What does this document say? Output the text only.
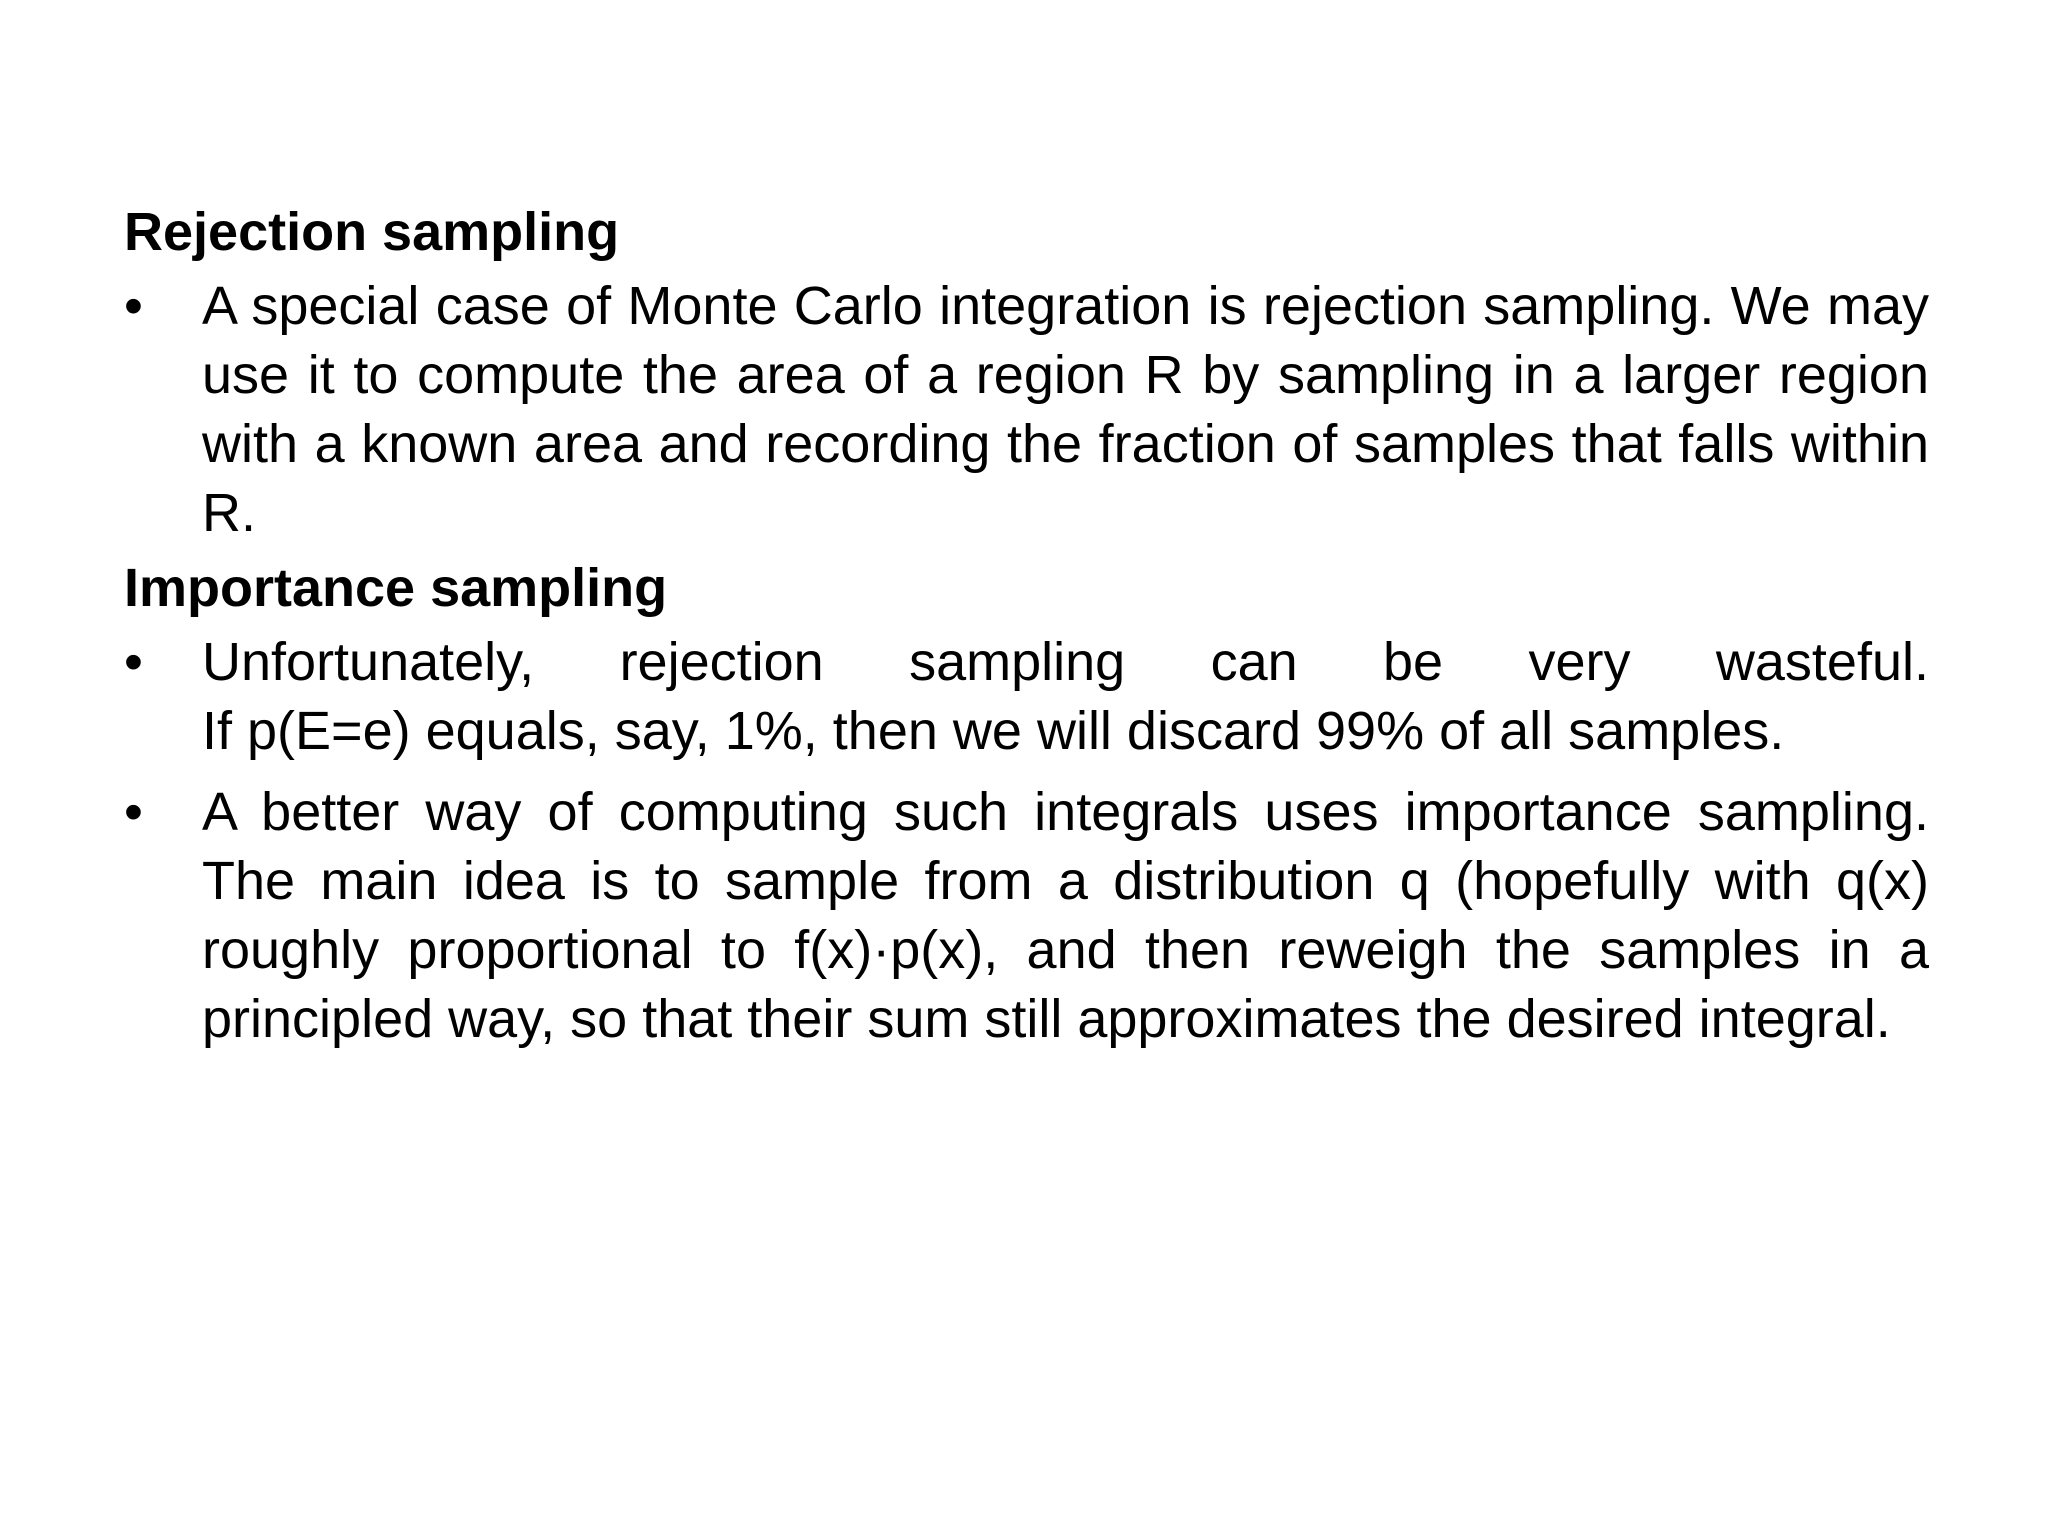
Rejection sampling

•	A special case of Monte Carlo integration is rejection sampling. We may use it to compute the area of a region R by sampling in a larger region with a known area and recording the fraction of samples that falls within R.

Importance sampling

•	Unfortunately, rejection sampling can be very wasteful.
If p(E=e) equals, say, 1%, then we will discard 99% of all samples.
•	A better way of computing such integrals uses importance sampling. The main idea is to sample from a distribution q (hopefully with q(x) roughly proportional to f(x)·p(x), and then reweigh the samples in a principled way, so that their sum still approximates the desired integral.
